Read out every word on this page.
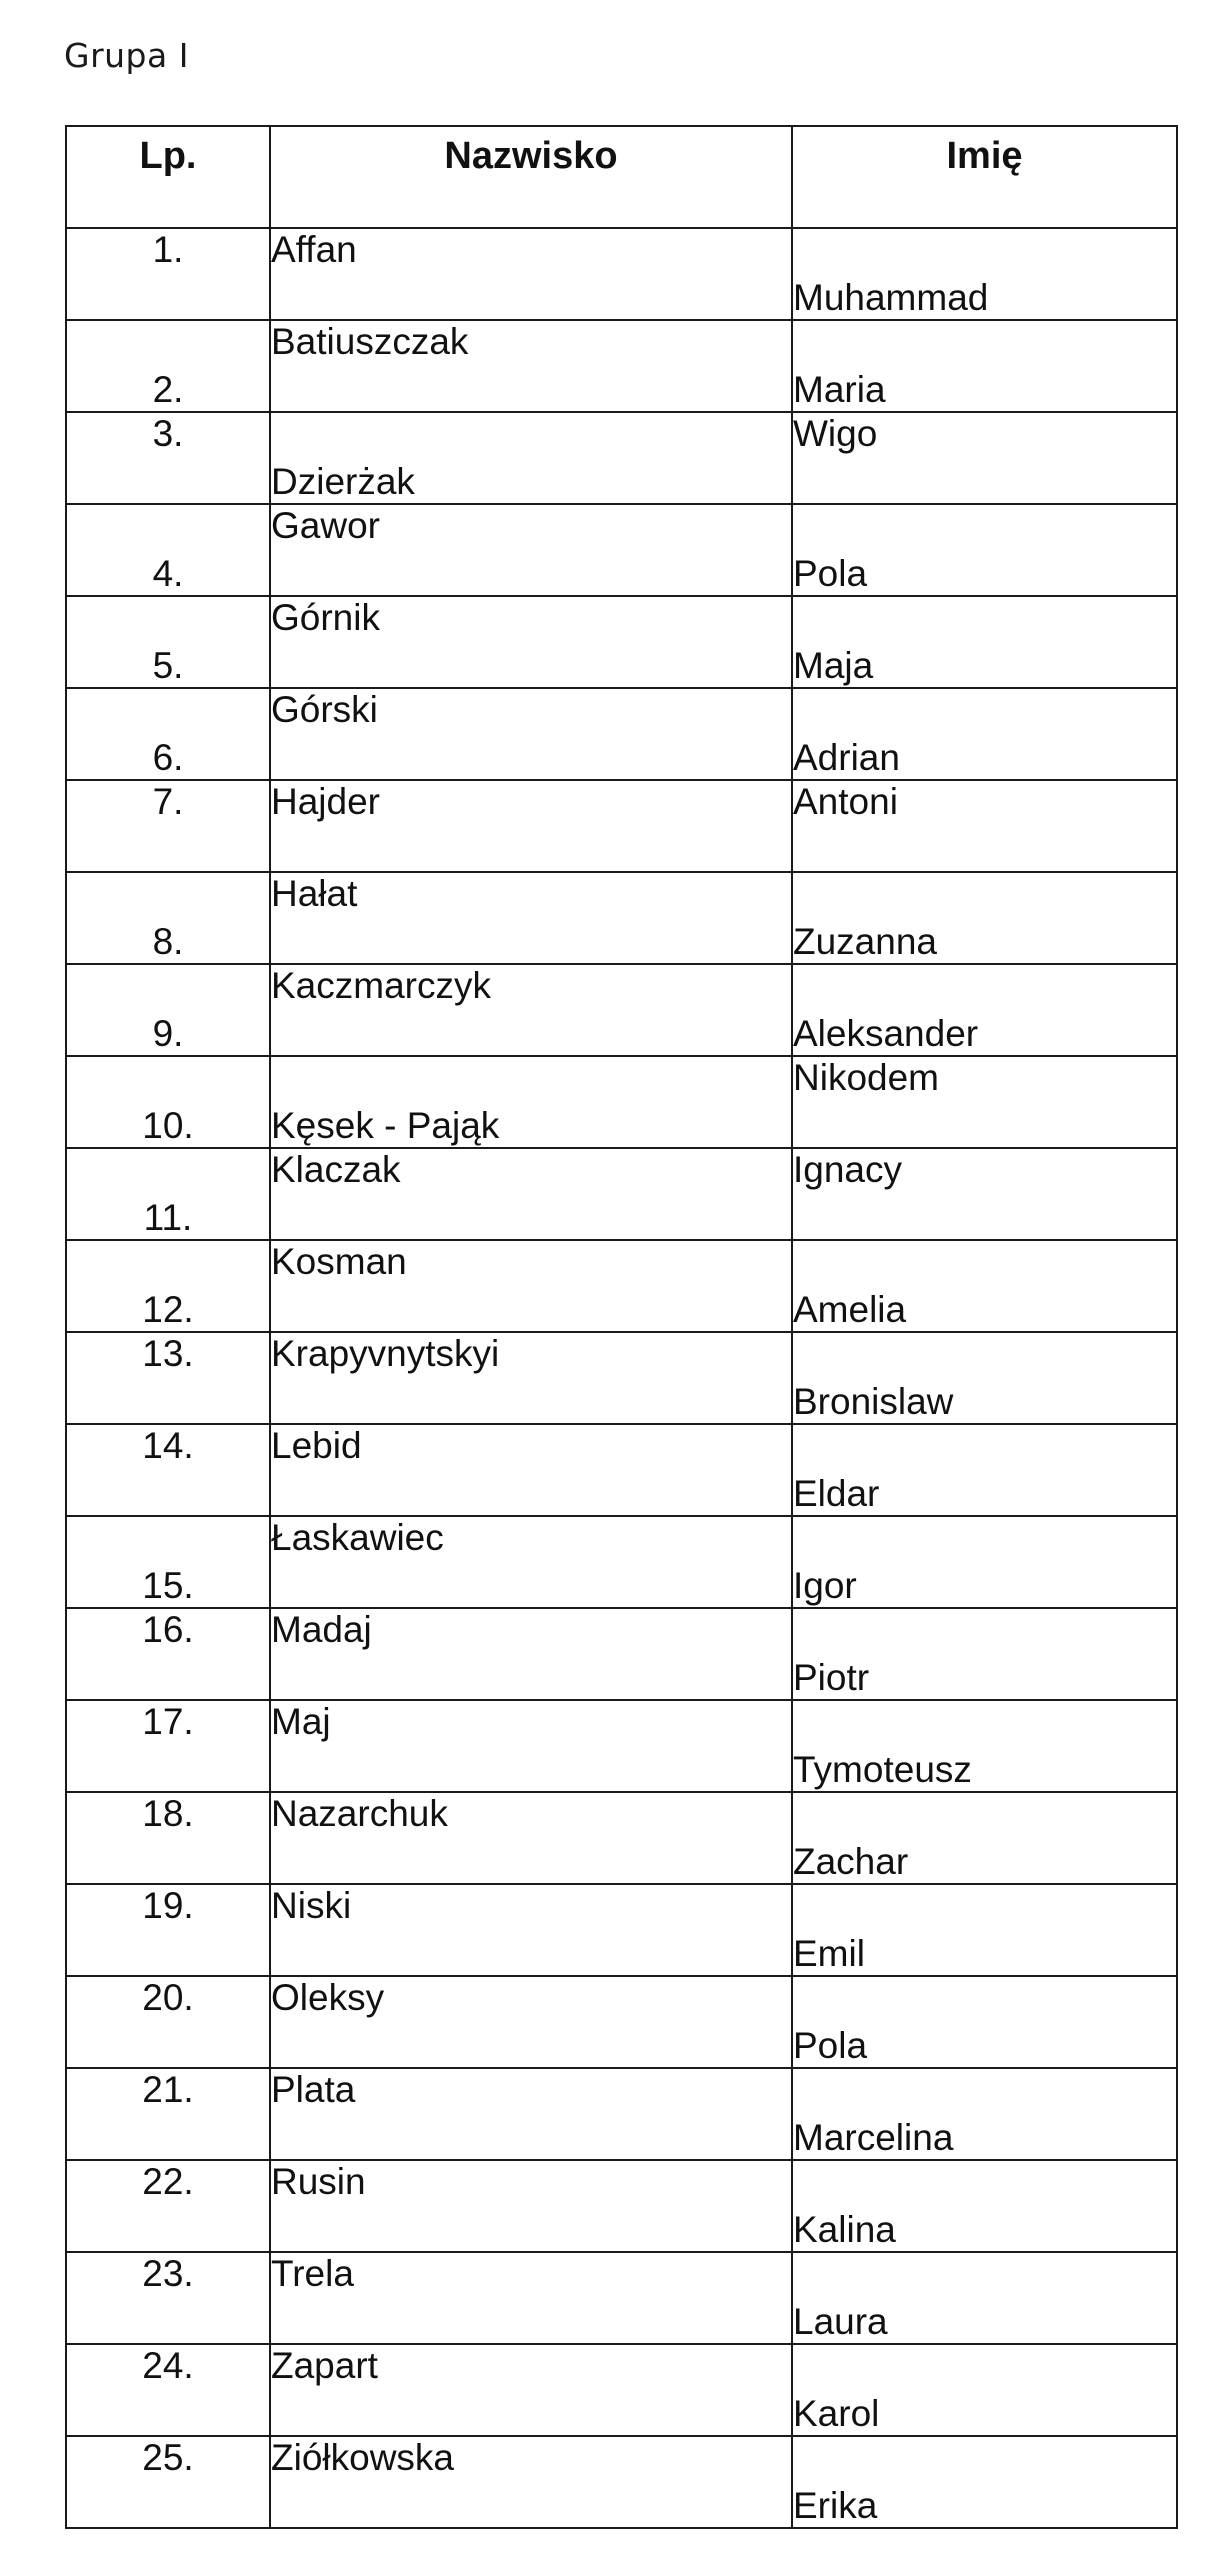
Grupa I
Lp.	Nazwisko	Imię
1.	Affan	Muhammad
2.	Batiuszczak	Maria
3.	Dzierżak	Wigo
4.	Gawor	Pola
5.	Górnik	Maja
6.	Górski	Adrian
7.	Hajder	Antoni
8.	Hałat	Zuzanna
9.	Kaczmarczyk	Aleksander
10.	Kęsek - Pająk	Nikodem
11.	Klaczak	Ignacy
12.	Kosman	Amelia
13.	Krapyvnytskyi	Bronislaw
14.	Lebid	Eldar
15.	Łaskawiec	Igor
16.	Madaj	Piotr
17.	Maj	Tymoteusz
18.	Nazarchuk	Zachar
19.	Niski	Emil
20.	Oleksy	Pola
21.	Plata	Marcelina
22.	Rusin	Kalina
23.	Trela	Laura
24.	Zapart	Karol
25.	Ziółkowska	Erika
